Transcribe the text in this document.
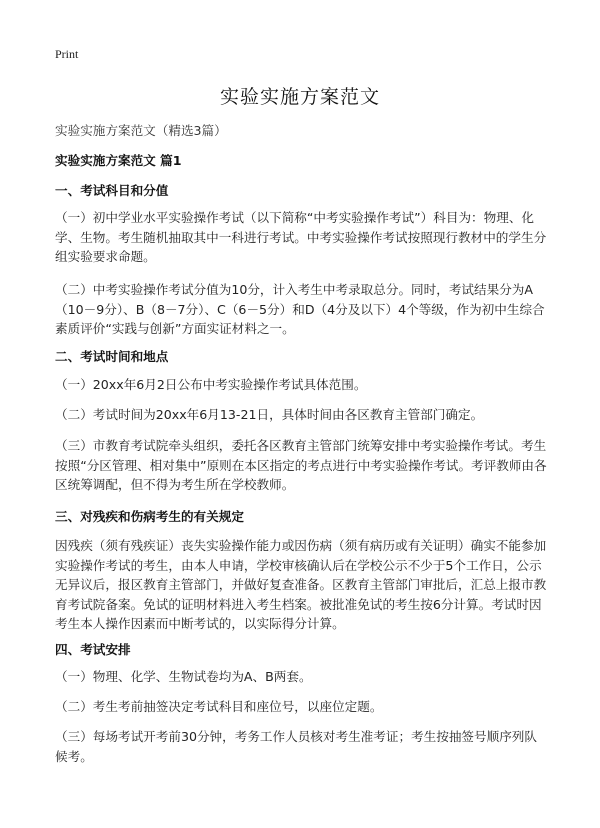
Print
实验实施方案范文
实验实施方案范文（精选3篇）
实验实施方案范文 篇1
一、考试科目和分值
（一）初中学业水平实验操作考试（以下简称“中考实验操作考试”）科目为：物理、化学、生物。考生随机抽取其中一科进行考试。中考实验操作考试按照现行教材中的学生分组实验要求命题。
（二）中考实验操作考试分值为10分，计入考生中考录取总分。同时，考试结果分为A（10－9分）、B（8－7分）、C（6－5分）和D（4分及以下）4个等级，作为初中生综合素质评价“实践与创新”方面实证材料之一。
二、考试时间和地点
（一）20xx年6月2日公布中考实验操作考试具体范围。
（二）考试时间为20xx年6月13-21日，具体时间由各区教育主管部门确定。
（三）市教育考试院牵头组织，委托各区教育主管部门统筹安排中考实验操作考试。考生按照“分区管理、相对集中”原则在本区指定的考点进行中考实验操作考试。考评教师由各区统筹调配，但不得为考生所在学校教师。
三、对残疾和伤病考生的有关规定
因残疾（须有残疾证）丧失实验操作能力或因伤病（须有病历或有关证明）确实不能参加实验操作考试的考生，由本人申请，学校审核确认后在学校公示不少于5个工作日，公示无异议后，报区教育主管部门，并做好复查准备。区教育主管部门审批后，汇总上报市教育考试院备案。免试的证明材料进入考生档案。被批准免试的考生按6分计算。考试时因考生本人操作因素而中断考试的，以实际得分计算。
四、考试安排
（一）物理、化学、生物试卷均为A、B两套。
（二）考生考前抽签决定考试科目和座位号，以座位定题。
（三）每场考试开考前30分钟，考务工作人员核对考生准考证；考生按抽签号顺序列队候考。
